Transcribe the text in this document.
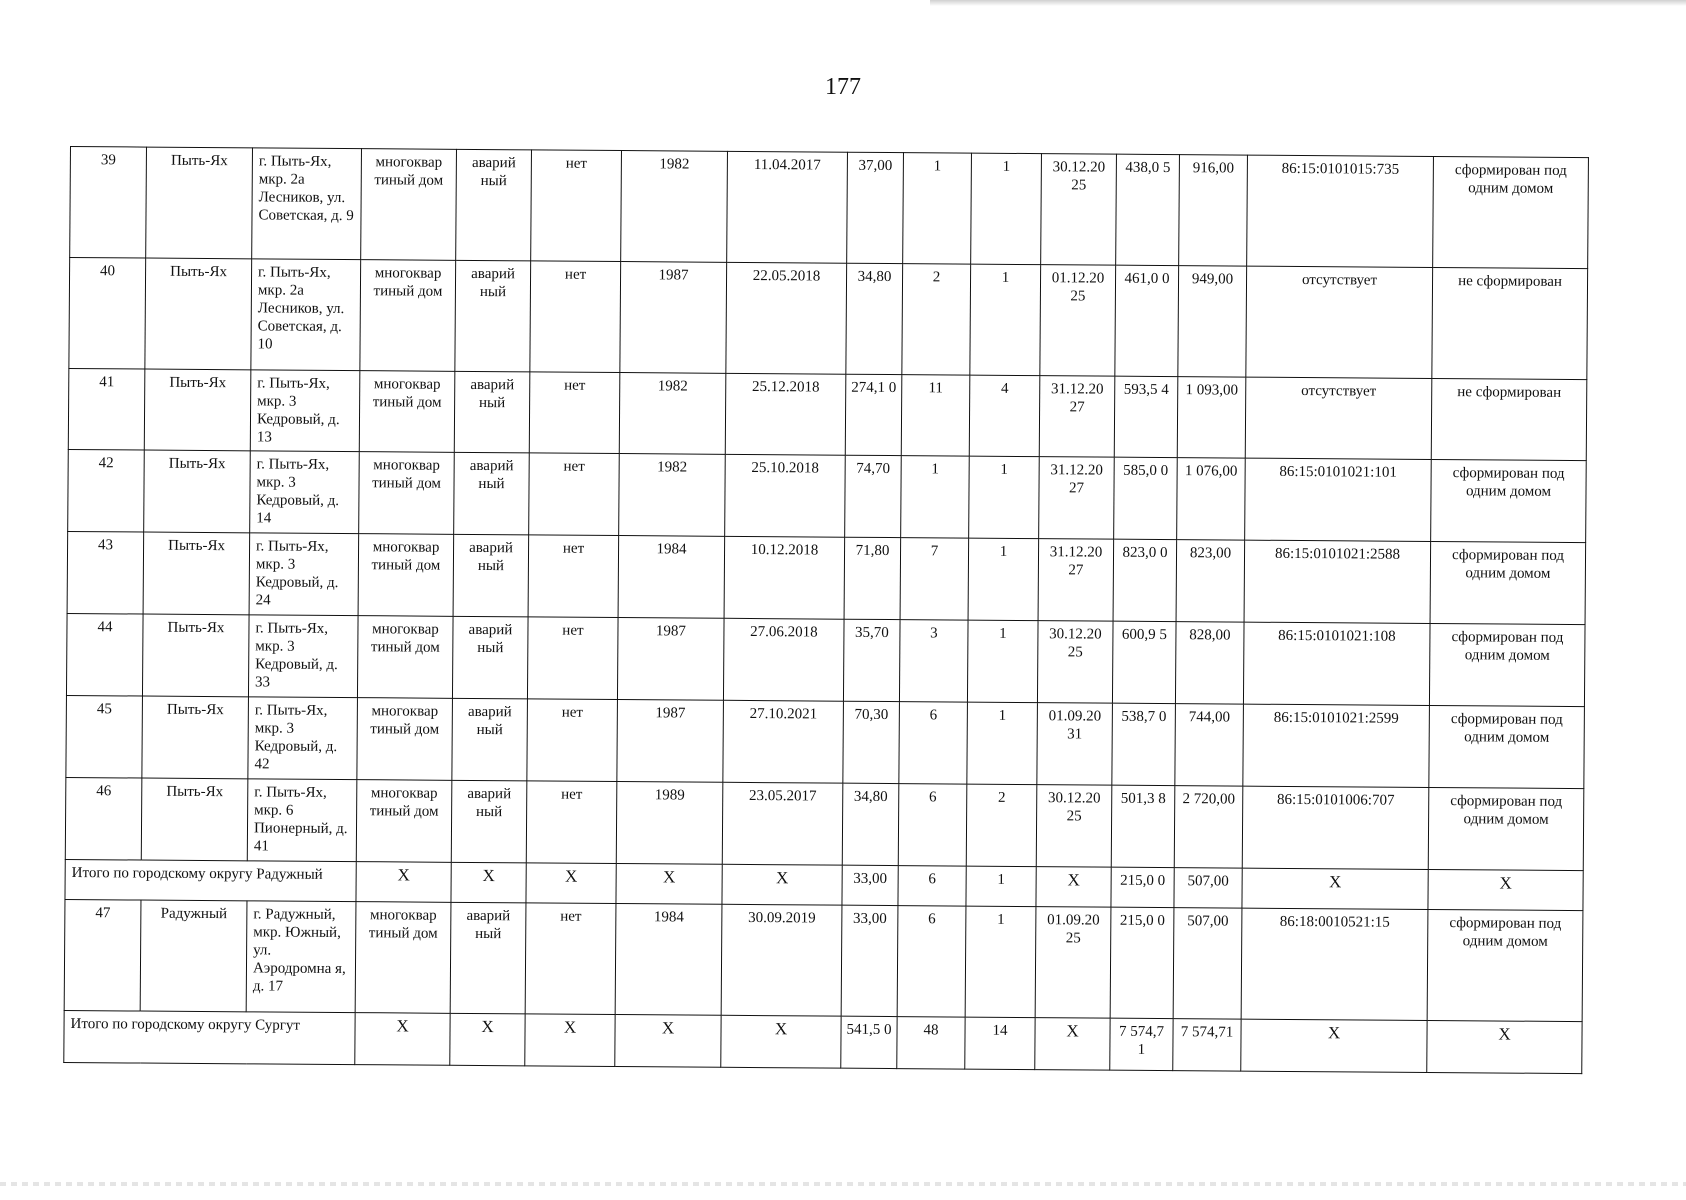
177
39	Пыть-Ях	г. Пыть-Ях, мкр. 2а Лесников, ул. Советская, д. 9	многоквар тиный дом	аварий ный	нет	1982	11.04.2017	37,00	1	1	30.12.20 25	438,0 5	916,00	86:15:0101015:735	сформирован под одним домом
40	Пыть-Ях	г. Пыть-Ях, мкр. 2а Лесников, ул. Советская, д. 10	многоквар тиный дом	аварий ный	нет	1987	22.05.2018	34,80	2	1	01.12.20 25	461,0 0	949,00	отсутствует	не сформирован
41	Пыть-Ях	г. Пыть-Ях, мкр. 3 Кедровый, д. 13	многоквар тиный дом	аварий ный	нет	1982	25.12.2018	274,1 0	11	4	31.12.20 27	593,5 4	1 093,00	отсутствует	не сформирован
42	Пыть-Ях	г. Пыть-Ях, мкр. 3 Кедровый, д. 14	многоквар тиный дом	аварий ный	нет	1982	25.10.2018	74,70	1	1	31.12.20 27	585,0 0	1 076,00	86:15:0101021:101	сформирован под одним домом
43	Пыть-Ях	г. Пыть-Ях, мкр. 3 Кедровый, д. 24	многоквар тиный дом	аварий ный	нет	1984	10.12.2018	71,80	7	1	31.12.20 27	823,0 0	823,00	86:15:0101021:2588	сформирован под одним домом
44	Пыть-Ях	г. Пыть-Ях, мкр. 3 Кедровый, д. 33	многоквар тиный дом	аварий ный	нет	1987	27.06.2018	35,70	3	1	30.12.20 25	600,9 5	828,00	86:15:0101021:108	сформирован под одним домом
45	Пыть-Ях	г. Пыть-Ях, мкр. 3 Кедровый, д. 42	многоквар тиный дом	аварий ный	нет	1987	27.10.2021	70,30	6	1	01.09.20 31	538,7 0	744,00	86:15:0101021:2599	сформирован под одним домом
46	Пыть-Ях	г. Пыть-Ях, мкр. 6 Пионерный, д. 41	многоквар тиный дом	аварий ный	нет	1989	23.05.2017	34,80	6	2	30.12.20 25	501,3 8	2 720,00	86:15:0101006:707	сформирован под одним домом
Итого по городскому округу Радужный			X	X	X	X	X	33,00	6	1	X	215,0 0	507,00	X	X
47	Радужный	г. Радужный, мкр. Южный, ул. Аэродромна я, д. 17	многоквар тиный дом	аварий ный	нет	1984	30.09.2019	33,00	6	1	01.09.20 25	215,0 0	507,00	86:18:0010521:15	сформирован под одним домом
Итого по городскому округу Сургут			X	X	X	X	X	541,5 0	48	14	X	7 574,7 1	7 574,71	X	X
